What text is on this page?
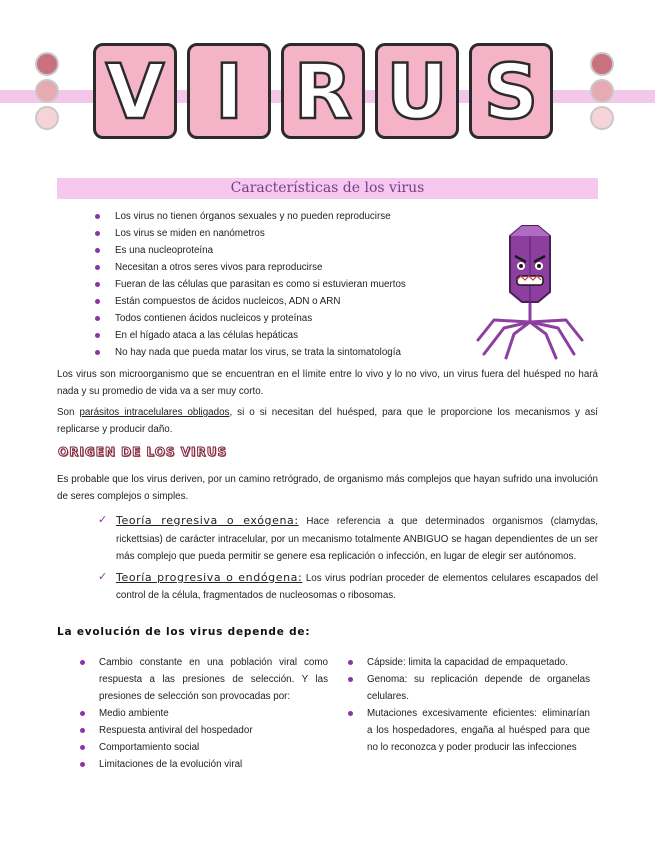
V I R U S
Características de los virus
Los virus no tienen órganos sexuales y no pueden reproducirse
Los virus se miden en nanómetros
Es una nucleoproteína
Necesitan a otros seres vivos para reproducirse
Fueran de las células que parasitan es como si estuvieran muertos
Están compuestos de ácidos nucleicos, ADN o ARN
Todos contienen ácidos nucleicos y proteínas
En el hígado ataca a las células hepáticas
No hay nada que pueda matar los virus, se trata la sintomatología

Los virus son microorganismo que se encuentran en el límite entre lo vivo y lo no vivo, un virus fuera del huésped no hará nada y su promedio de vida va a ser muy corto.

Son parásitos intracelulares obligados, si o si necesitan del huésped, para que le proporcione los mecanismos y así replicarse y producir daño.

ORIGEN DE LOS VIRUS

Es probable que los virus deriven, por un camino retrógrado, de organismo más complejos que hayan sufrido una involución de seres complejos o simples.

✓ Teoría regresiva o exógena: Hace referencia a que determinados organismos (clamydas, rickettsias) de carácter intracelular, por un mecanismo totalmente ANBIGUO se hagan dependientes de un ser más complejo que pueda permitir se genere esa replicación o infección, en lugar de elegir ser autónomos.
✓ Teoría progresiva o endógena: Los virus podrían proceder de elementos celulares escapados del control de la célula, fragmentados de nucleosomas o ribosomas.
La evolución de los virus depende de:
Cambio constante en una población viral como respuesta a las presiones de selección. Y las presiones de selección son provocadas por:
Medio ambiente
Respuesta antiviral del hospedador
Comportamiento social
Limitaciones de la evolución viral
Cápside: limita la capacidad de empaquetado.
Genoma: su replicación depende de organelas celulares.
Mutaciones excesivamente eficientes: eliminarían a los hospedadores, engaña al huésped para que no lo reconozca y poder producir las infecciones
